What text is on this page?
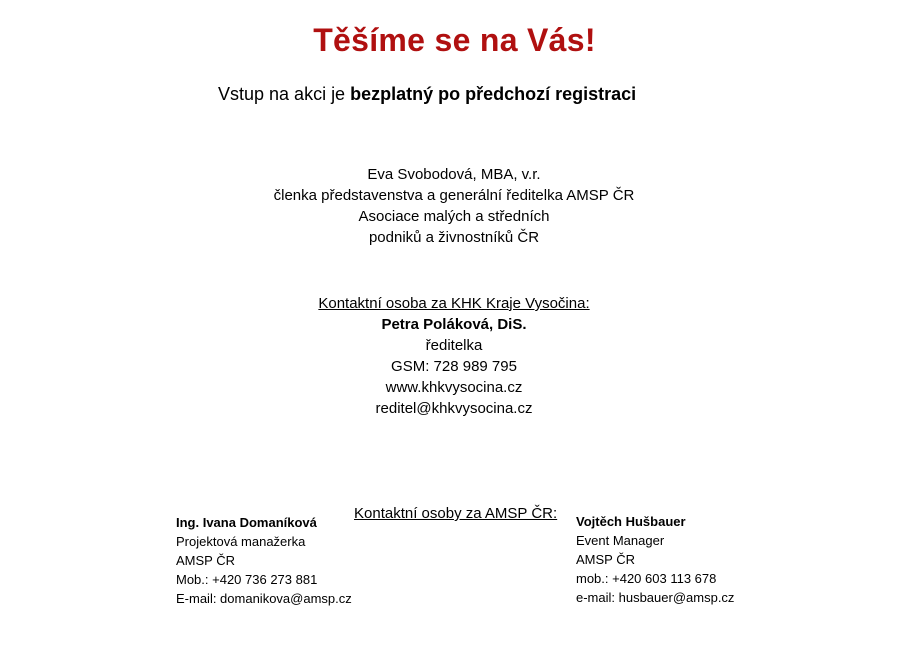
Těšíme se na Vás!
Vstup na akci je bezplatný po předchozí registraci
Eva Svobodová, MBA, v.r.
členka představenstva a generální ředitelka AMSP ČR
Asociace malých a středních
podniků a živnostníků ČR
Kontaktní osoba za KHK Kraje Vysočina:
Petra Poláková, DiS.
ředitelka
GSM: 728 989 795
www.khkvysocina.cz
reditel@khkvysocina.cz
Kontaktní osoby za AMSP ČR:
Ing. Ivana Domaníková
Projektová manažerka
AMSP ČR
Mob.: +420 736 273 881
E-mail: domanikova@amsp.cz
Vojtěch Hušbauer
Event Manager
AMSP ČR
mob.: +420 603 113 678
e-mail: husbauer@amsp.cz
